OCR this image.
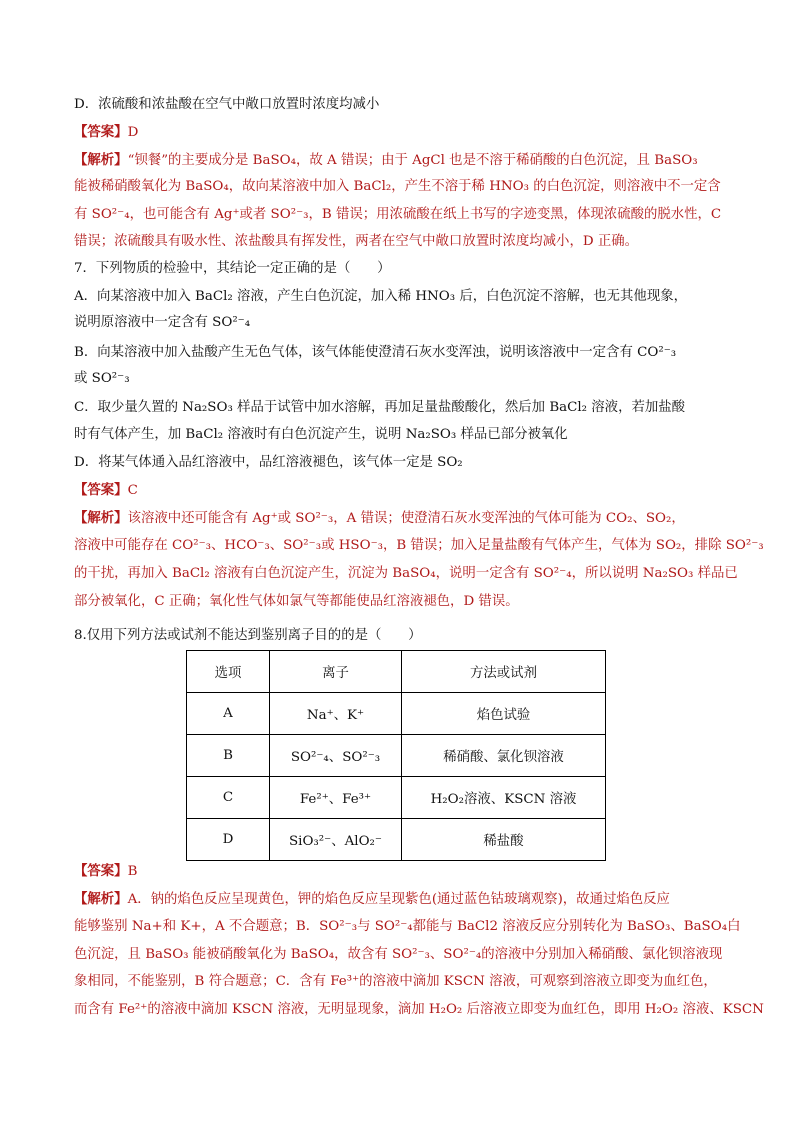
D．浓硫酸和浓盐酸在空气中敞口放置时浓度均减小
【答案】D
【解析】“钡餐”的主要成分是 BaSO₄，故 A 错误；由于 AgCl 也是不溶于稀硝酸的白色沉淀，且 BaSO₃
能被稀硝酸氧化为 BaSO₄，故向某溶液中加入 BaCl₂，产生不溶于稀 HNO₃ 的白色沉淀，则溶液中不一定含
有 SO²⁻₄，也可能含有 Ag⁺或者 SO²⁻₃，B 错误；用浓硫酸在纸上书写的字迹变黑，体现浓硫酸的脱水性，C
错误；浓硫酸具有吸水性、浓盐酸具有挥发性，两者在空气中敞口放置时浓度均减小，D 正确。
7．下列物质的检验中，其结论一定正确的是（　　）
A．向某溶液中加入 BaCl₂ 溶液，产生白色沉淀，加入稀 HNO₃ 后，白色沉淀不溶解，也无其他现象，
说明原溶液中一定含有 SO²⁻₄
B．向某溶液中加入盐酸产生无色气体，该气体能使澄清石灰水变浑浊，说明该溶液中一定含有 CO²⁻₃
或 SO²⁻₃
C．取少量久置的 Na₂SO₃ 样品于试管中加水溶解，再加足量盐酸酸化，然后加 BaCl₂ 溶液，若加盐酸
时有气体产生，加 BaCl₂ 溶液时有白色沉淀产生，说明 Na₂SO₃ 样品已部分被氧化
D．将某气体通入品红溶液中，品红溶液褪色，该气体一定是 SO₂
【答案】C
【解析】该溶液中还可能含有 Ag⁺或 SO²⁻₃，A 错误；使澄清石灰水变浑浊的气体可能为 CO₂、SO₂，
溶液中可能存在 CO²⁻₃、HCO⁻₃、SO²⁻₃或 HSO⁻₃，B 错误；加入足量盐酸有气体产生，气体为 SO₂，排除 SO²⁻₃
的干扰，再加入 BaCl₂ 溶液有白色沉淀产生，沉淀为 BaSO₄，说明一定含有 SO²⁻₄，所以说明 Na₂SO₃ 样品已
部分被氧化，C 正确；氧化性气体如氯气等都能使品红溶液褪色，D 错误。
8.仅用下列方法或试剂不能达到鉴别离子目的的是（　　）
选项	离子	方法或试剂
A	Na⁺、K⁺	焰色试验
B	SO²⁻₄、SO²⁻₃	稀硝酸、氯化钡溶液
C	Fe²⁺、Fe³⁺	H₂O₂溶液、KSCN 溶液
D	SiO₃²⁻、AlO₂⁻	稀盐酸
【答案】B
【解析】A．钠的焰色反应呈现黄色，钾的焰色反应呈现紫色(通过蓝色钴玻璃观察)，故通过焰色反应
能够鉴别 Na+和 K+，A 不合题意；B．SO²⁻₃与 SO²⁻₄都能与 BaCl2 溶液反应分别转化为 BaSO₃、BaSO₄白
色沉淀，且 BaSO₃ 能被硝酸氧化为 BaSO₄，故含有 SO²⁻₃、SO²⁻₄的溶液中分别加入稀硝酸、氯化钡溶液现
象相同，不能鉴别，B 符合题意；C．含有 Fe³⁺的溶液中滴加 KSCN 溶液，可观察到溶液立即变为血红色，
而含有 Fe²⁺的溶液中滴加 KSCN 溶液，无明显现象，滴加 H₂O₂ 后溶液立即变为血红色，即用 H₂O₂ 溶液、KSCN
